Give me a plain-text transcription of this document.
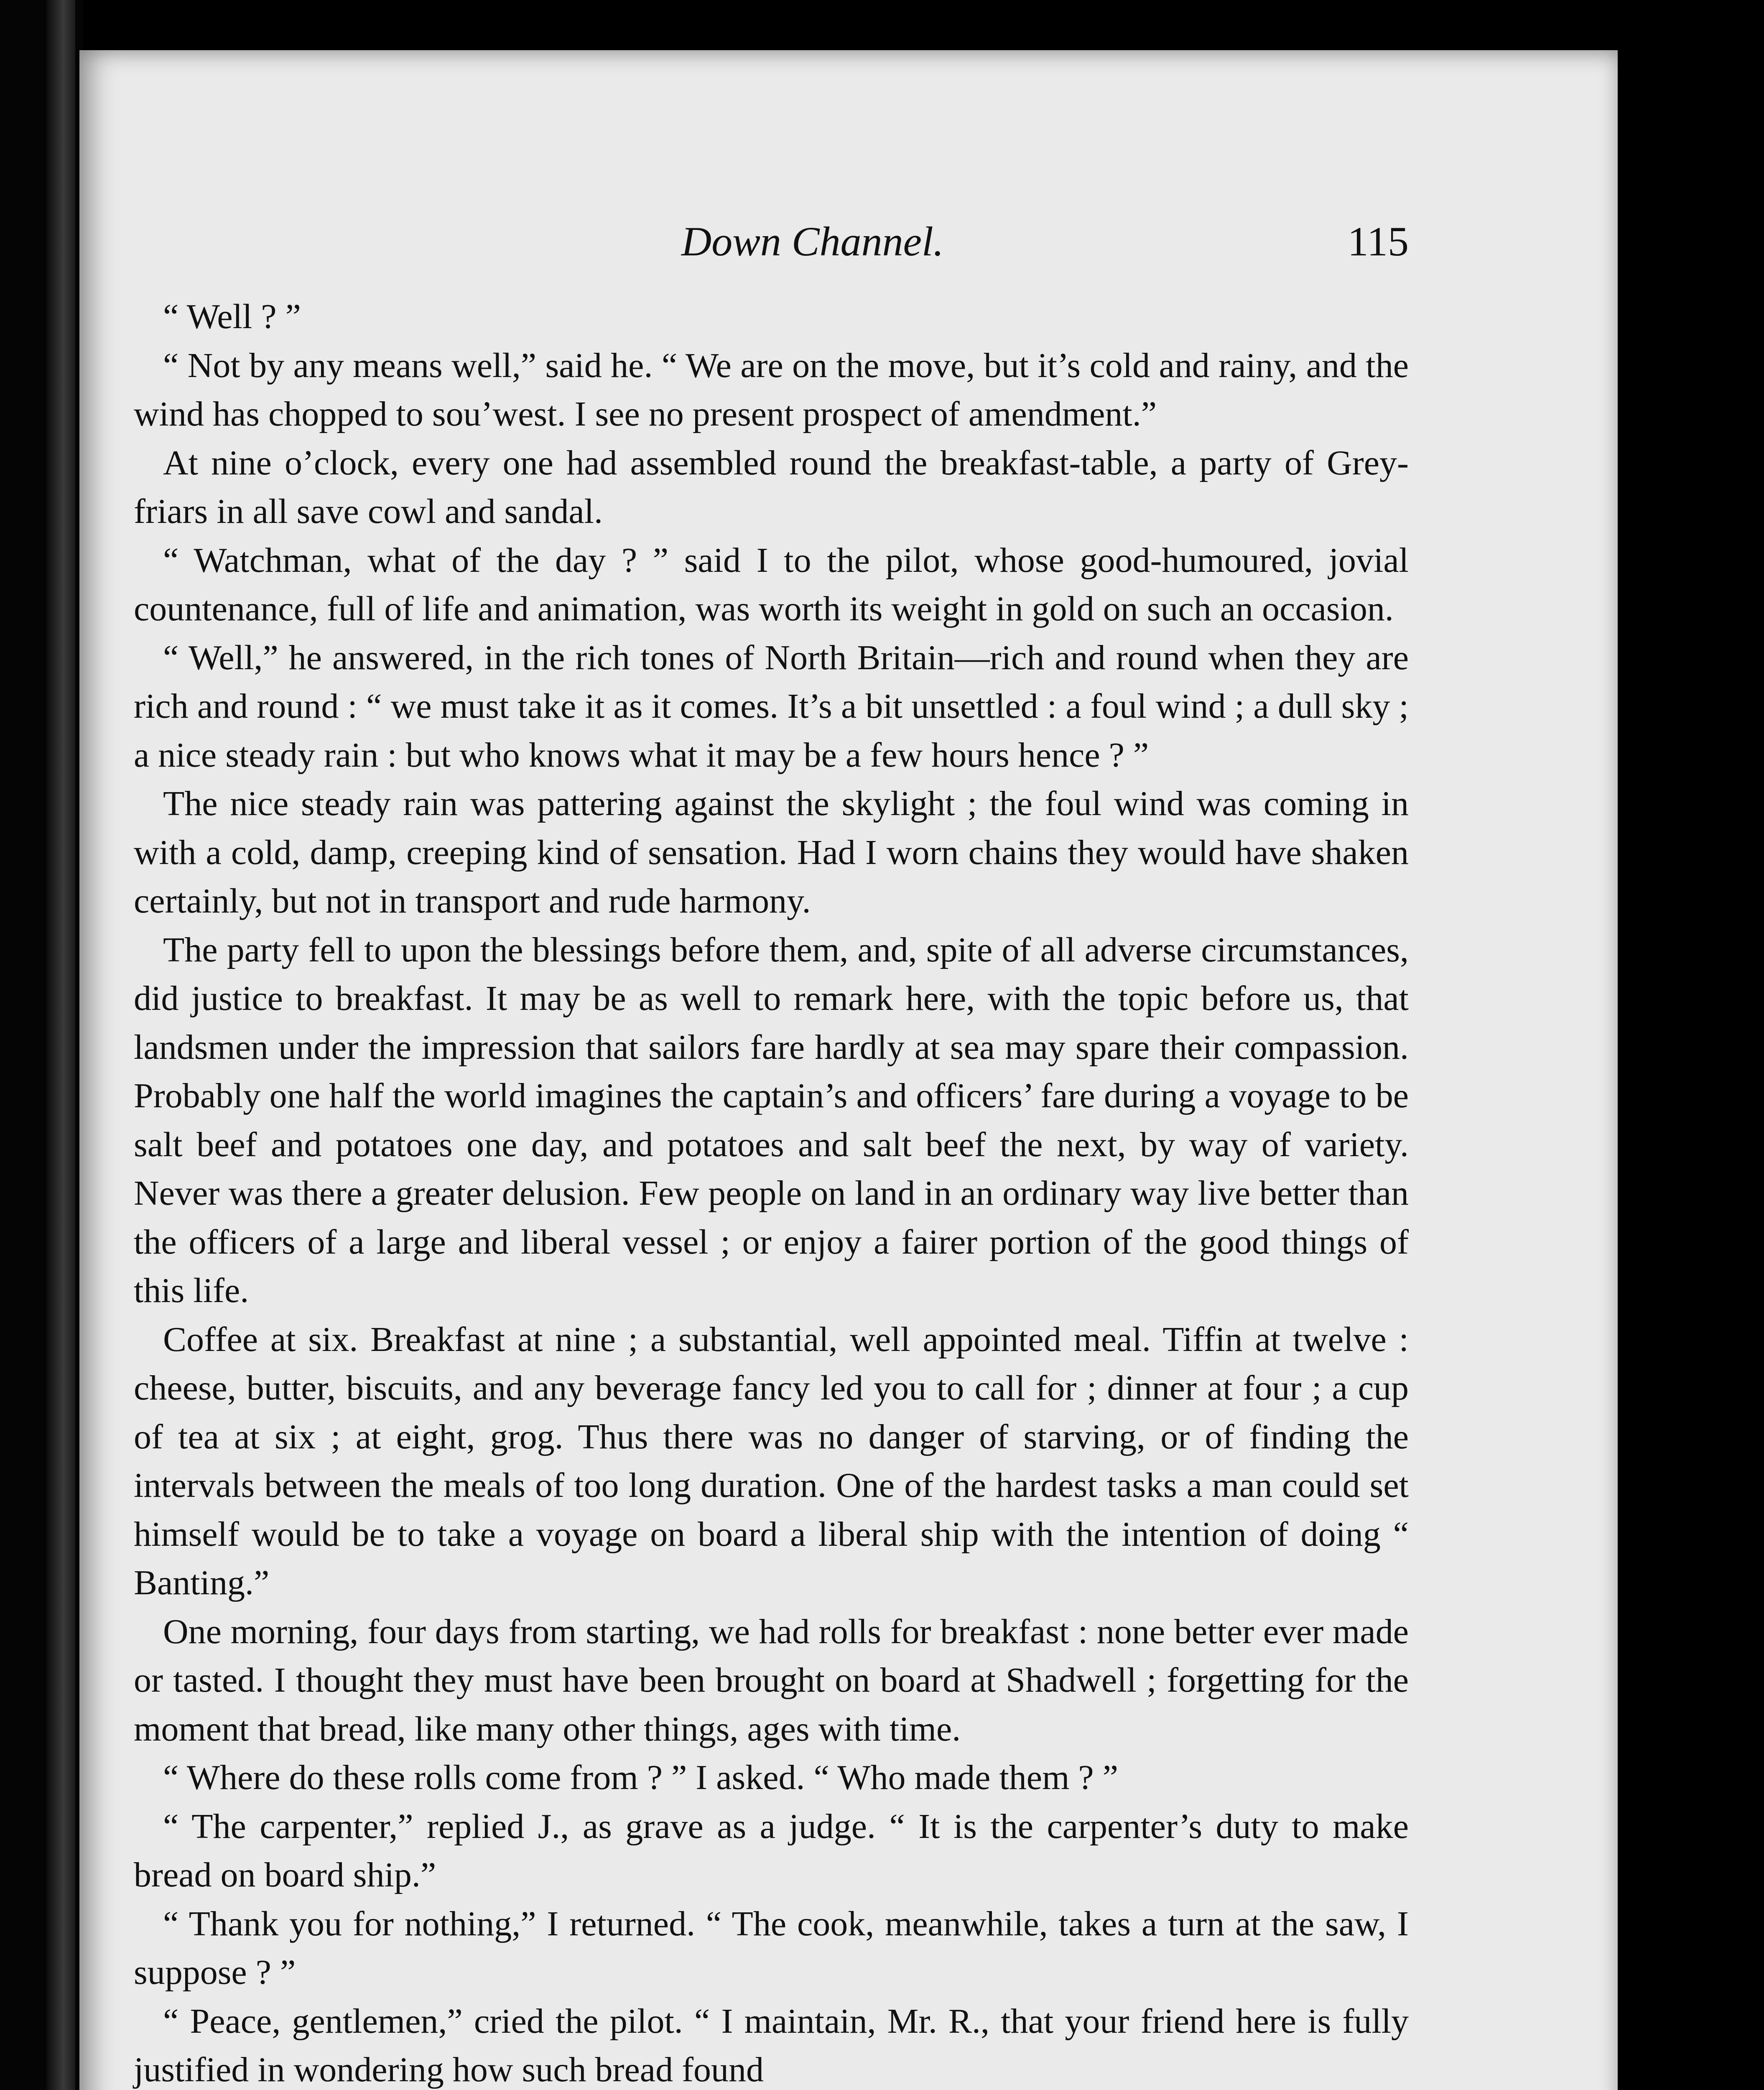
Down Channel.	115

“ Well ? ”

“ Not by any means well,” said he. “ We are on the move, but it’s cold and rainy, and the wind has chopped to sou’west. I see no present prospect of amendment.”

At nine o’clock, every one had assembled round the breakfast-table, a party of Grey-friars in all save cowl and sandal.

“ Watchman, what of the day ? ” said I to the pilot, whose good-humoured, jovial countenance, full of life and animation, was worth its weight in gold on such an occasion.

“ Well,” he answered, in the rich tones of North Britain—rich and round when they are rich and round : “ we must take it as it comes. It’s a bit unsettled : a foul wind ; a dull sky ; a nice steady rain : but who knows what it may be a few hours hence ? ”

The nice steady rain was pattering against the skylight ; the foul wind was coming in with a cold, damp, creeping kind of sensation. Had I worn chains they would have shaken certainly, but not in transport and rude harmony.

The party fell to upon the blessings before them, and, spite of all adverse circumstances, did justice to breakfast. It may be as well to remark here, with the topic before us, that landsmen under the impression that sailors fare hardly at sea may spare their compassion. Probably one half the world imagines the captain’s and officers’ fare during a voyage to be salt beef and potatoes one day, and potatoes and salt beef the next, by way of variety. Never was there a greater delusion. Few people on land in an ordinary way live better than the officers of a large and liberal vessel ; or enjoy a fairer portion of the good things of this life.

Coffee at six. Breakfast at nine ; a substantial, well appointed meal. Tiffin at twelve : cheese, butter, biscuits, and any beverage fancy led you to call for ; dinner at four ; a cup of tea at six ; at eight, grog. Thus there was no danger of starving, or of finding the intervals between the meals of too long duration. One of the hardest tasks a man could set himself would be to take a voyage on board a liberal ship with the intention of doing “ Banting.”

One morning, four days from starting, we had rolls for breakfast : none better ever made or tasted. I thought they must have been brought on board at Shadwell ; forgetting for the moment that bread, like many other things, ages with time.

“ Where do these rolls come from ? ” I asked. “ Who made them ? ”

“ The carpenter,” replied J., as grave as a judge. “ It is the carpenter’s duty to make bread on board ship.”

“ Thank you for nothing,” I returned. “ The cook, meanwhile, takes a turn at the saw, I suppose ? ”

“ Peace, gentlemen,” cried the pilot. “ I maintain, Mr. R., that your friend here is fully justified in wondering how such bread found
